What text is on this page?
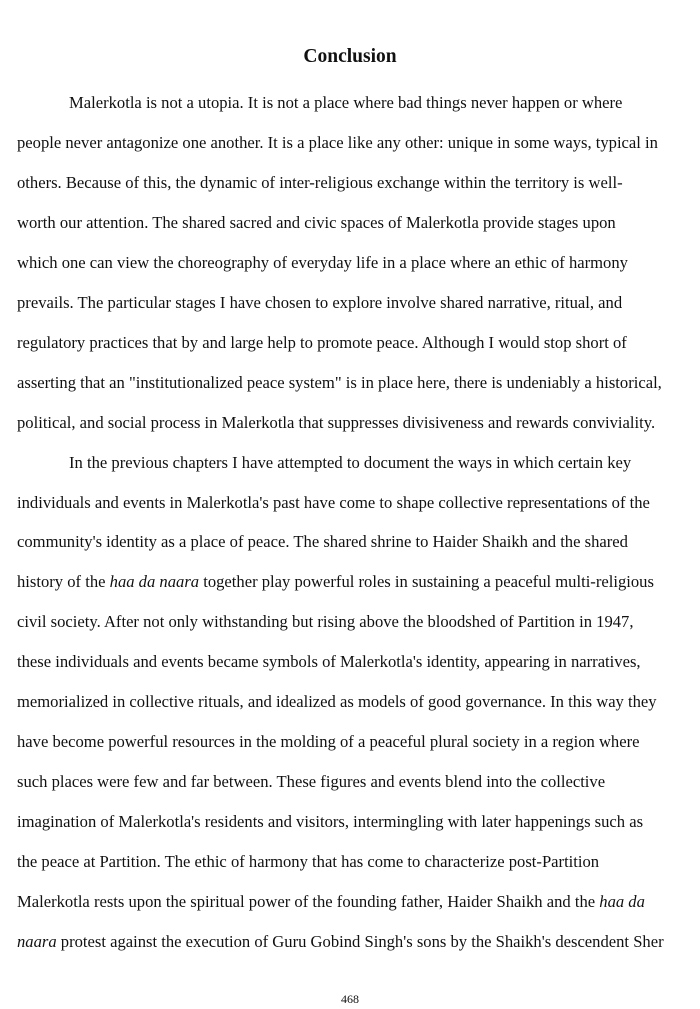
Conclusion
Malerkotla is not a utopia. It is not a place where bad things never happen or where
people never antagonize one another. It is a place like any other: unique in some ways, typical in
others. Because of this, the dynamic of inter-religious exchange within the territory is well-
worth our attention. The shared sacred and civic spaces of Malerkotla provide stages upon
which one can view the choreography of everyday life in a place where an ethic of harmony
prevails. The particular stages I have chosen to explore involve shared narrative, ritual, and
regulatory practices that by and large help to promote peace. Although I would stop short of
asserting that an "institutionalized peace system" is in place here, there is undeniably a historical,
political, and social process in Malerkotla that suppresses divisiveness and rewards conviviality.
In the previous chapters I have attempted to document the ways in which certain key
individuals and events in Malerkotla's past have come to shape collective representations of the
community's identity as a place of peace. The shared shrine to Haider Shaikh and the shared
history of the haa da naara together play powerful roles in sustaining a peaceful multi-religious
civil society. After not only withstanding but rising above the bloodshed of Partition in 1947,
these individuals and events became symbols of Malerkotla's identity, appearing in narratives,
memorialized in collective rituals, and idealized as models of good governance. In this way they
have become powerful resources in the molding of a peaceful plural society in a region where
such places were few and far between. These figures and events blend into the collective
imagination of Malerkotla's residents and visitors, intermingling with later happenings such as
the peace at Partition. The ethic of harmony that has come to characterize post-Partition
Malerkotla rests upon the spiritual power of the founding father, Haider Shaikh and the haa da
naara protest against the execution of Guru Gobind Singh's sons by the Shaikh's descendent Sher
468
